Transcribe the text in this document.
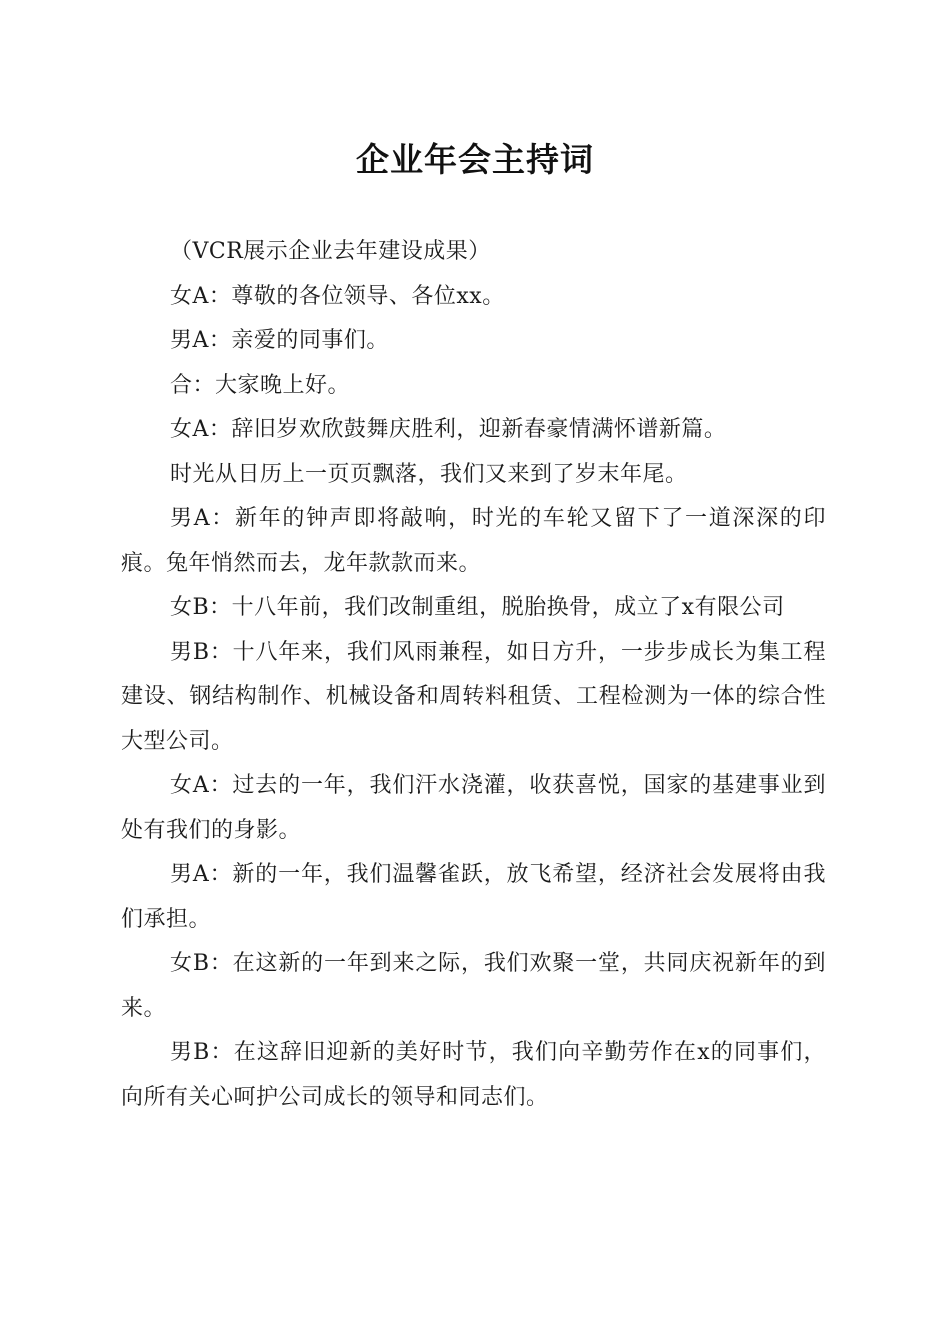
企业年会主持词

（VCR展示企业去年建设成果）

女A：尊敬的各位领导、各位xx。

男A：亲爱的同事们。

合：大家晚上好。

女A：辞旧岁欢欣鼓舞庆胜利，迎新春豪情满怀谱新篇。

时光从日历上一页页飘落，我们又来到了岁末年尾。

男A：新年的钟声即将敲响，时光的车轮又留下了一道深深的印痕。兔年悄然而去，龙年款款而来。

女B：十八年前，我们改制重组，脱胎换骨，成立了x有限公司

男B：十八年来，我们风雨兼程，如日方升，一步步成长为集工程建设、钢结构制作、机械设备和周转料租赁、工程检测为一体的综合性大型公司。

女A：过去的一年，我们汗水浇灌，收获喜悦，国家的基建事业到处有我们的身影。

男A：新的一年，我们温馨雀跃，放飞希望，经济社会发展将由我们承担。

女B：在这新的一年到来之际，我们欢聚一堂，共同庆祝新年的到来。

男B：在这辞旧迎新的美好时节，我们向辛勤劳作在x的同事们，向所有关心呵护公司成长的领导和同志们。
